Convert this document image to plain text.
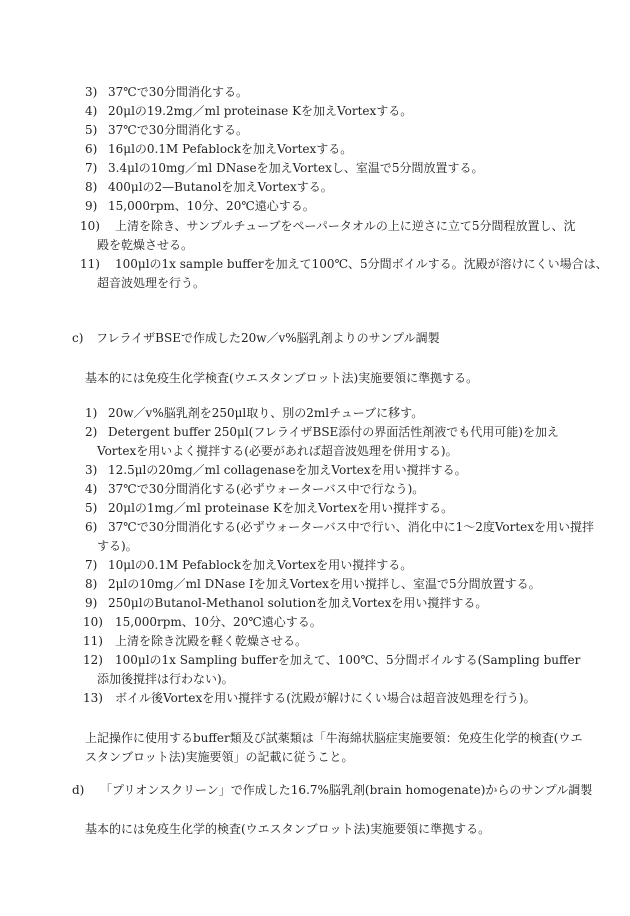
3) 37℃で30分間消化する。
4) 20μlの19.2mg／ml proteinase Kを加えVortexする。
5) 37℃で30分間消化する。
6) 16μlの0.1M Pefablockを加えVortexする。
7) 3.4μlの10mg／ml DNaseを加えVortexし、室温で5分間放置する。
8) 400μlの2—Butanolを加えVortexする。
9) 15,000rpm、10分、20℃遠心する。
10) 上清を除き、サンプルチューブをペーパータオルの上に逆さに立て5分間程放置し、沈
殿を乾燥させる。
11) 100μlの1x sample bufferを加えて100℃、5分間ボイルする。沈殿が溶けにくい場合は、
超音波処理を行う。
c) フレライザBSEで作成した20w／v%脳乳剤よりのサンプル調製
基本的には免疫生化学検査(ウエスタンブロット法)実施要領に準拠する。
1) 20w／v%脳乳剤を250μl取り、別の2mlチューブに移す。
2) Detergent buffer 250μl(フレライザBSE添付の界面活性剤液でも代用可能)を加え
Vortexを用いよく撹拌する(必要があれば超音波処理を併用する)。
3) 12.5μlの20mg／ml collagenaseを加えVortexを用い撹拌する。
4) 37℃で30分間消化する(必ずウォーターバス中で行なう)。
5) 20μlの1mg／ml proteinase Kを加えVortexを用い撹拌する。
6) 37℃で30分間消化する(必ずウォーターバス中で行い、消化中に1〜2度Vortexを用い撹拌
する)。
7) 10μlの0.1M Pefablockを加えVortexを用い撹拌する。
8) 2μlの10mg／ml DNase Iを加えVortexを用い撹拌し、室温で5分間放置する。
9) 250μlのButanol-Methanol solutionを加えVortexを用い撹拌する。
10) 15,000rpm、10分、20℃遠心する。
11) 上清を除き沈殿を軽く乾燥させる。
12) 100μlの1x Sampling bufferを加えて、100℃、5分間ボイルする(Sampling buffer
添加後撹拌は行わない)。
13) ボイル後Vortexを用い撹拌する(沈殿が解けにくい場合は超音波処理を行う)。
上記操作に使用するbuffer類及び試薬類は「牛海綿状脳症実施要領：免疫生化学的検査(ウエ
スタンブロット法)実施要領」の記載に従うこと。
d) 「プリオンスクリーン」で作成した16.7%脳乳剤(brain homogenate)からのサンプル調製
基本的には免疫生化学的検査(ウエスタンブロット法)実施要領に準拠する。
